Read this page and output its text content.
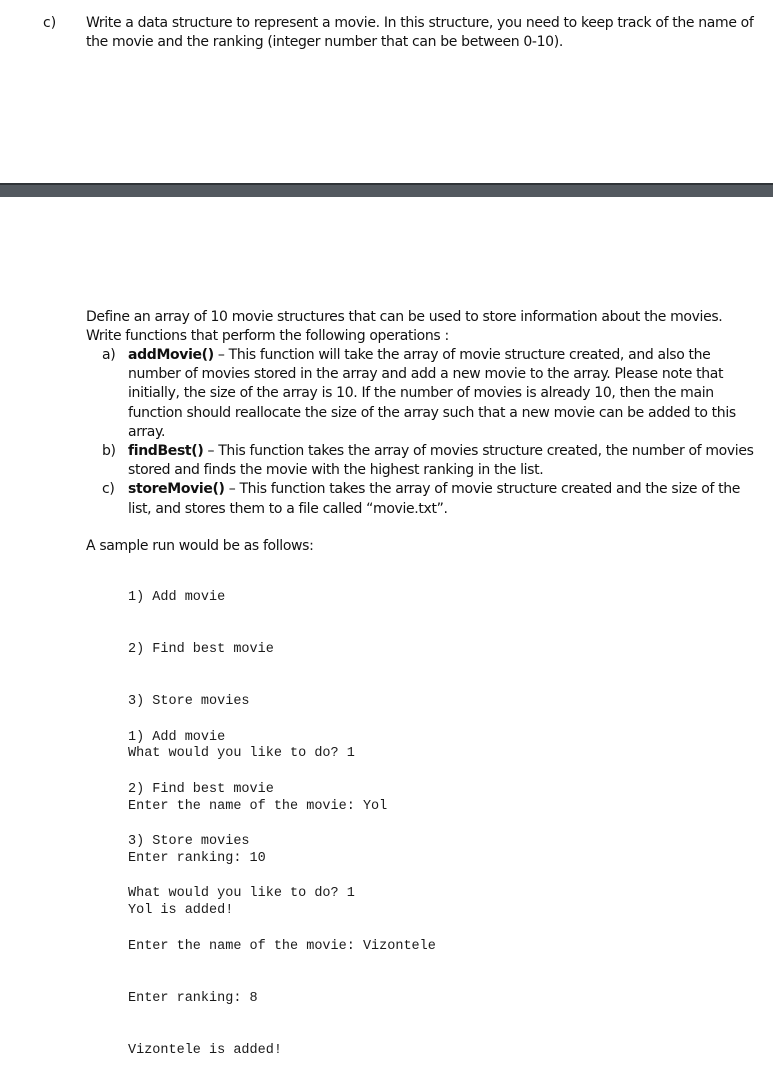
c) Write a data structure to represent a movie. In this structure, you need to keep track of the name of the movie and the ranking (integer number that can be between 0-10).
Define an array of 10 movie structures that can be used to store information about the movies. Write functions that perform the following operations :
a) addMovie() – This function will take the array of movie structure created, and also the number of movies stored in the array and add a new movie to the array. Please note that initially, the size of the array is 10. If the number of movies is already 10, then the main function should reallocate the size of the array such that a new movie can be added to this array.
b) findBest() – This function takes the array of movies structure created, the number of movies stored and finds the movie with the highest ranking in the list.
c) storeMovie() – This function takes the array of movie structure created and the size of the list, and stores them to a file called “movie.txt”.
A sample run would be as follows:

1) Add movie

2) Find best movie

3) Store movies

What would you like to do? 1

Enter the name of the movie: Yol

Enter ranking: 10

Yol is added!

1) Add movie

2) Find best movie

3) Store movies

What would you like to do? 1

Enter the name of the movie: Vizontele

Enter ranking: 8

Vizontele is added!
